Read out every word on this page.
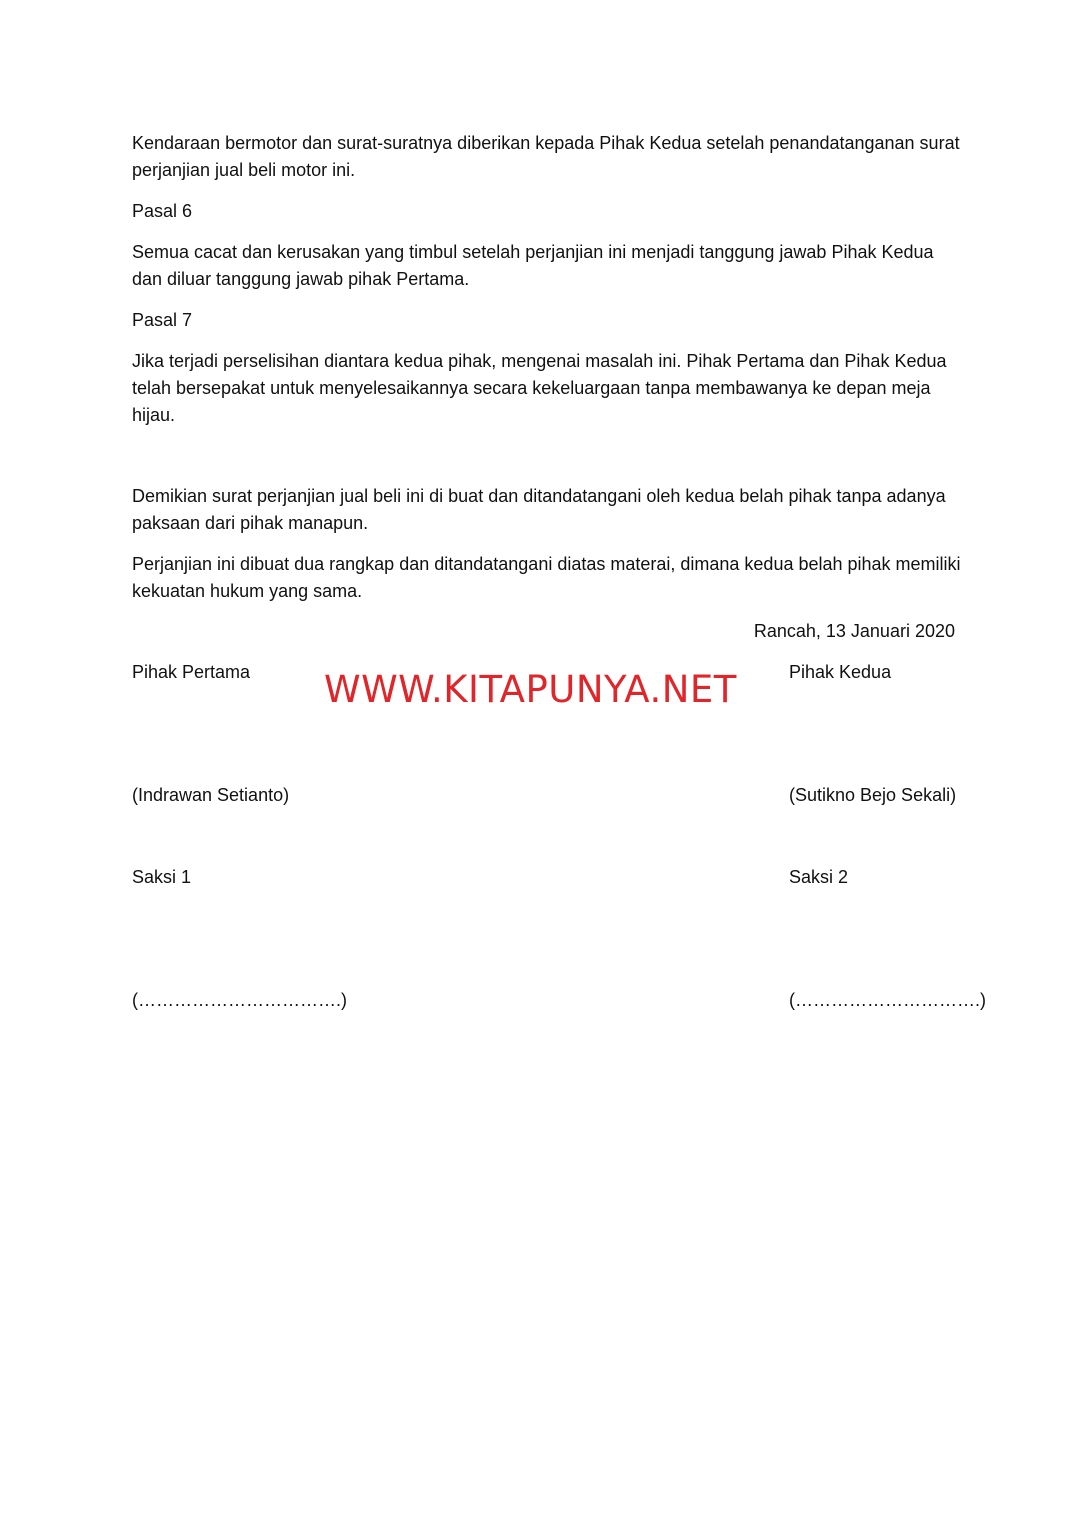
Kendaraan bermotor dan surat-suratnya diberikan kepada Pihak Kedua setelah penandatanganan surat perjanjian jual beli motor ini.

Pasal 6

Semua cacat dan kerusakan yang timbul setelah perjanjian ini menjadi tanggung jawab Pihak Kedua dan diluar tanggung jawab pihak Pertama.

Pasal 7

Jika terjadi perselisihan diantara kedua pihak, mengenai masalah ini. Pihak Pertama dan Pihak Kedua telah bersepakat untuk menyelesaikannya secara kekeluargaan tanpa membawanya ke depan meja hijau.

Demikian surat perjanjian jual beli ini di buat dan ditandatangani oleh kedua belah pihak tanpa adanya paksaan dari pihak manapun.

Perjanjian ini dibuat dua rangkap dan ditandatangani diatas materai, dimana kedua belah pihak memiliki kekuatan hukum yang sama.

Rancah, 13 Januari 2020

Pihak Pertama	Pihak Kedua

WWW.KITAPUNYA.NET

(Indrawan Setianto)	(Sutikno Bejo Sekali)

Saksi 1	Saksi 2

(…………………………….)	(………………………….)
